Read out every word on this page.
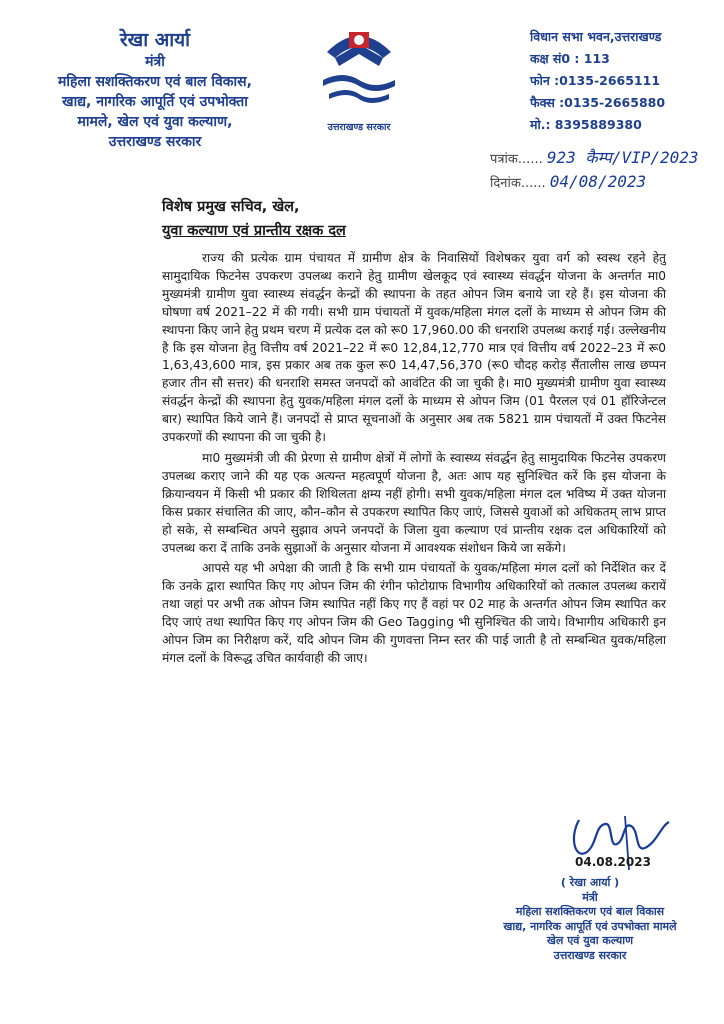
रेखा आर्या
मंत्री
महिला सशक्तिकरण एवं बाल विकास,
खाद्य, नागरिक आपूर्ति एवं उपभोक्ता
मामले, खेल एवं युवा कल्याण,
उत्तराखण्ड सरकार
उत्तराखण्ड सरकार
विधान सभा भवन,उत्तराखण्ड
कक्ष सं0 : 113
फोन :0135-2665111
फैक्स :0135-2665880
मो.: 8395889380
पत्रांक...... 923 कैम्प/VIP/2023
दिनांक...... 04/08/2023
विशेष प्रमुख सचिव, खेल,
युवा कल्याण एवं प्रान्तीय रक्षक दल

राज्य की प्रत्येक ग्राम पंचायत में ग्रामीण क्षेत्र के निवासियों विशेषकर युवा वर्ग को स्वस्थ रहने हेतु सामुदायिक फिटनेस उपकरण उपलब्ध कराने हेतु ग्रामीण खेलकूद एवं स्वास्थ्य संवर्द्धन योजना के अन्तर्गत मा0 मुख्यमंत्री ग्रामीण युवा स्वास्थ्य संवर्द्धन केन्द्रों की स्थापना के तहत ओपन जिम बनाये जा रहे हैं। इस योजना की घोषणा वर्ष 2021–22 में की गयी। सभी ग्राम पंचायतों में युवक/महिला मंगल दलों के माध्यम से ओपन जिम की स्थापना किए जाने हेतु प्रथम चरण में प्रत्येक दल को रू0 17,960.00 की धनराशि उपलब्ध कराई गई। उल्लेखनीय है कि इस योजना हेतु वित्तीय वर्ष 2021–22 में रू0 12,84,12,770 मात्र एवं वित्तीय वर्ष 2022–23 में रू0 1,63,43,600 मात्र, इस प्रकार अब तक कुल रू0 14,47,56,370 (रू0 चौदह करोड़ सैंतालीस लाख छप्पन हजार तीन सौ सत्तर) की धनराशि समस्त जनपदों को आवंटित की जा चुकी है। मा0 मुख्यमंत्री ग्रामीण युवा स्वास्थ्य संवर्द्धन केन्द्रों की स्थापना हेतु युवक/महिला मंगल दलों के माध्यम से ओपन जिम (01 पैरलल एवं 01 हॉरिजेन्टल बार) स्थापित किये जाने हैं। जनपदों से प्राप्त सूचनाओं के अनुसार अब तक 5821 ग्राम पंचायतों में उक्त फिटनेस उपकरणों की स्थापना की जा चुकी है।

मा0 मुख्यमंत्री जी की प्रेरणा से ग्रामीण क्षेत्रों में लोगों के स्वास्थ्य संवर्द्धन हेतु सामुदायिक फिटनेस उपकरण उपलब्ध कराए जाने की यह एक अत्यन्त महत्वपूर्ण योजना है, अतः आप यह सुनिश्चित करें कि इस योजना के क्रियान्वयन में किसी भी प्रकार की शिथिलता क्षम्य नहीं होगी। सभी युवक/महिला मंगल दल भविष्य में उक्त योजना किस प्रकार संचालित की जाए, कौन–कौन से उपकरण स्थापित किए जाएं, जिससे युवाओं को अधिकतम् लाभ प्राप्त हो सके, से सम्बन्धित अपने सुझाव अपने जनपदों के जिला युवा कल्याण एवं प्रान्तीय रक्षक दल अधिकारियों को उपलब्ध करा दें ताकि उनके सुझाओं के अनुसार योजना में आवश्यक संशोधन किये जा सकेंगे।

आपसे यह भी अपेक्षा की जाती है कि सभी ग्राम पंचायतों के युवक/महिला मंगल दलों को निर्देशित कर दें कि उनके द्वारा स्थापित किए गए ओपन जिम की रंगीन फोटोग्राफ विभागीय अधिकारियों को तत्काल उपलब्ध करायें तथा जहां पर अभी तक ओपन जिम स्थापित नहीं किए गए हैं वहां पर 02 माह के अन्तर्गत ओपन जिम स्थापित कर दिए जाएं तथा स्थापित किए गए ओपन जिम की Geo Tagging भी सुनिश्चित की जाये। विभागीय अधिकारी इन ओपन जिम का निरीक्षण करें, यदि ओपन जिम की गुणवत्ता निम्न स्तर की पाई जाती है तो सम्बन्धित युवक/महिला मंगल दलों के विरूद्ध उचित कार्यवाही की जाए।

04.08.2023
( रेखा आर्या )
मंत्री
महिला सशक्तिकरण एवं बाल विकास
खाद्य, नागरिक आपूर्ति एवं उपभोक्ता मामले
खेल एवं युवा कल्याण
उत्तराखण्ड सरकार
